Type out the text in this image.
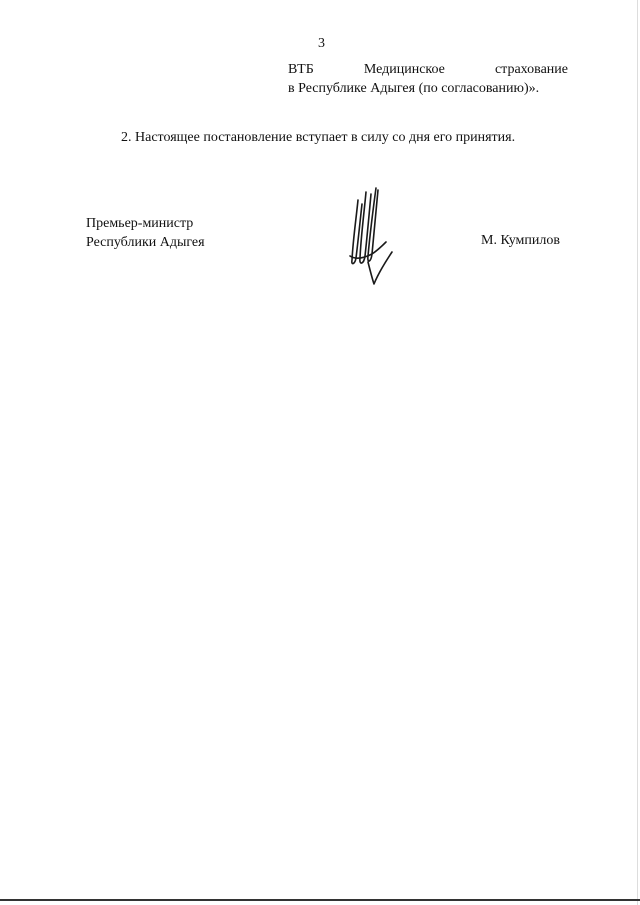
3
ВТБ	Медицинское	страхование
в Республике Адыгея (по согласованию)».
2. Настоящее постановление вступает в силу со дня его принятия.
Премьер-министр
Республики Адыгея	М. Кумпилов
